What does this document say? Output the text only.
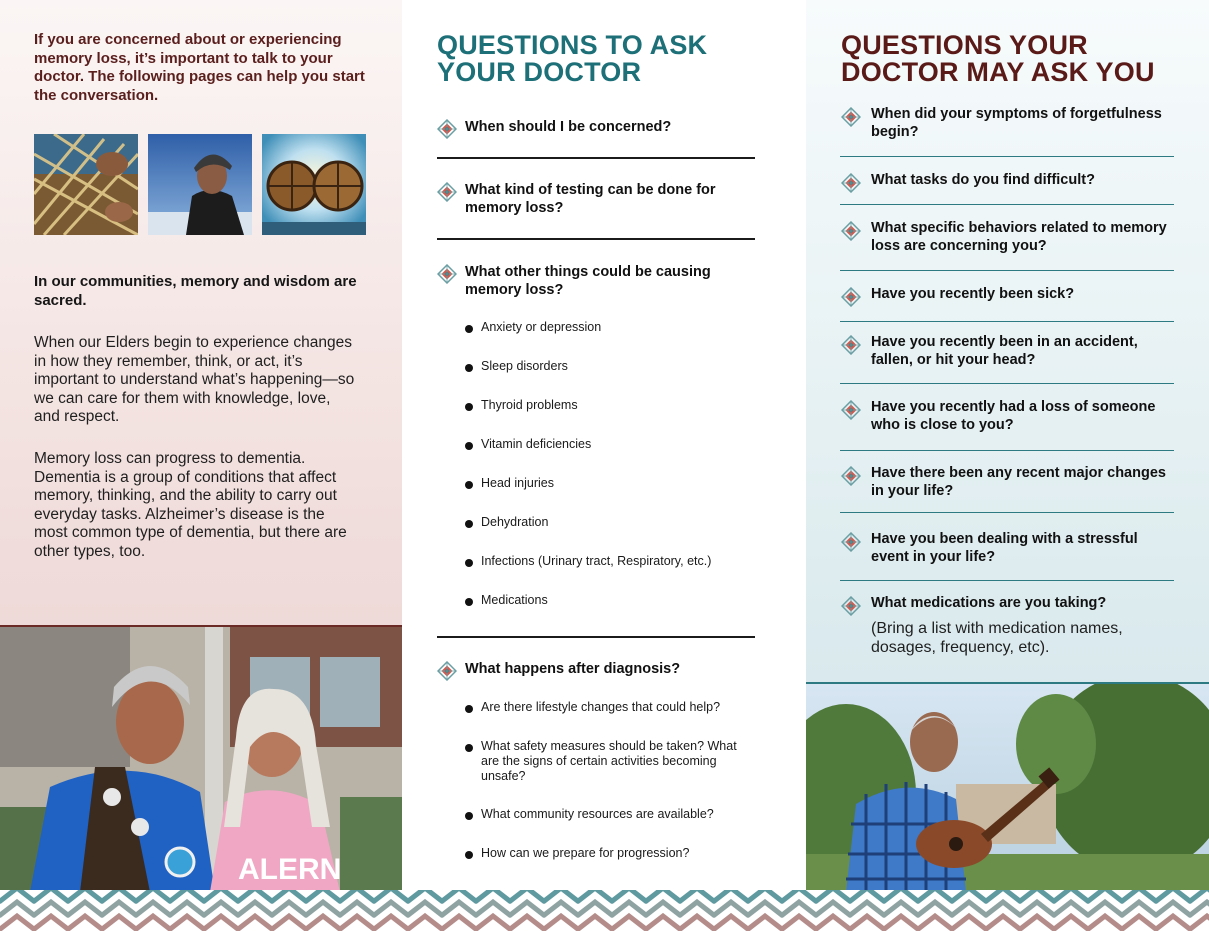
If you are concerned about or experiencing memory loss, it’s important to talk to your doctor. The following pages can help you start the conversation.

In our communities, memory and wisdom are sacred.

When our Elders begin to experience changes in how they remember, think, or act, it’s important to understand what’s happening—so we can care for them with knowledge, love, and respect.

Memory loss can progress to dementia. Dementia is a group of conditions that affect memory, thinking, and the ability to carry out everyday tasks. Alzheimer’s disease is the most common type of dementia, but there are other types, too.

ALERN
QUESTIONS TO ASK YOUR DOCTOR

When should I be concerned?

What kind of testing can be done for memory loss?

What other things could be causing memory loss?

Anxiety or depression

Sleep disorders

Thyroid problems

Vitamin deficiencies

Head injuries

Dehydration

Infections (Urinary tract, Respiratory, etc.)

Medications

What happens after diagnosis?

Are there lifestyle changes that could help?

What safety measures should be taken? What are the signs of certain activities becoming unsafe?

What community resources are available?

How can we prepare for progression?

QUESTIONS YOUR DOCTOR MAY ASK YOU

When did your symptoms of forgetfulness begin?

What tasks do you find difficult?

What specific behaviors related to memory loss are concerning you?

Have you recently been sick?

Have you recently been in an accident, fallen, or hit your head?

Have you recently had a loss of someone who is close to you?

Have there been any recent major changes in your life?

Have you been dealing with a stressful event in your life?

What medications are you taking?

(Bring a list with medication names, dosages, frequency, etc).
